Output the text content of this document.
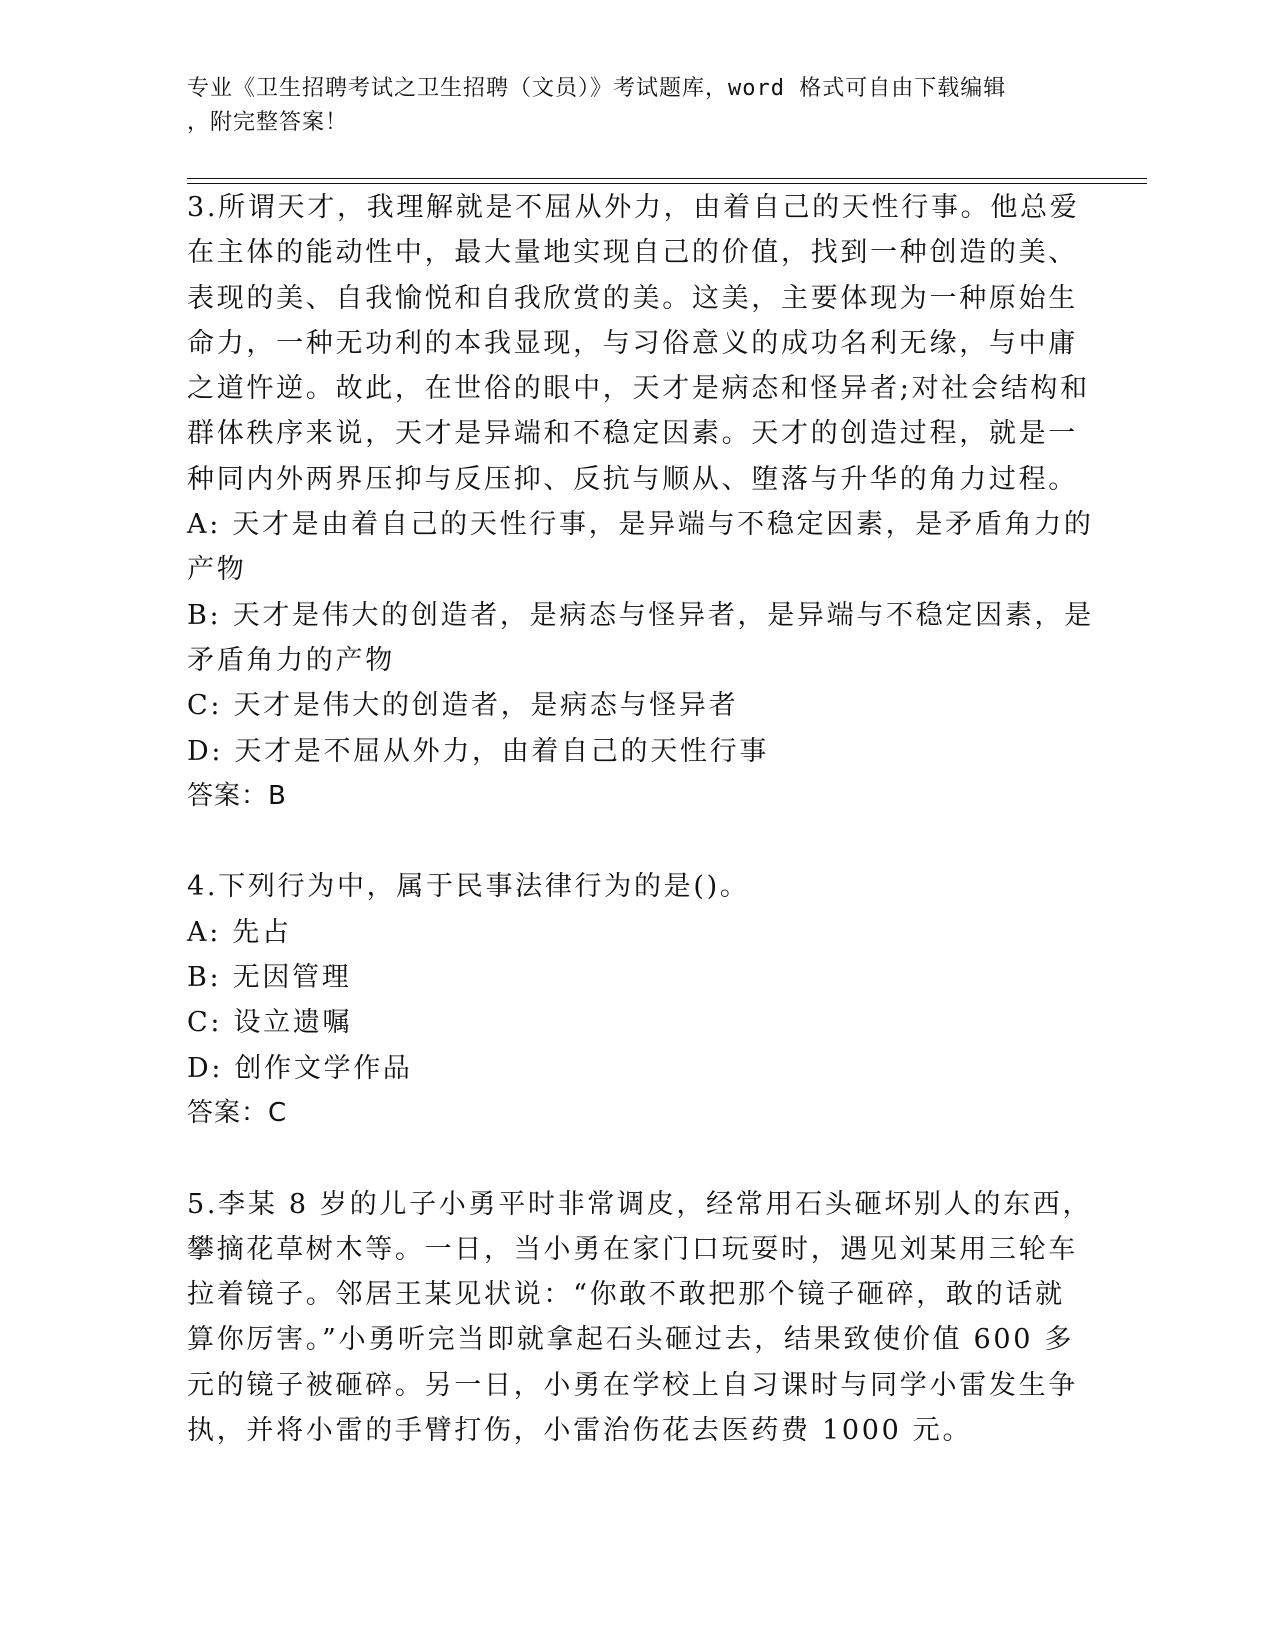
专业《卫生招聘考试之卫生招聘（文员）》考试题库，word 格式可自由下载编辑
，附完整答案！
3.所谓天才，我理解就是不屈从外力，由着自己的天性行事。他总爱
在主体的能动性中，最大量地实现自己的价值，找到一种创造的美、
表现的美、自我愉悦和自我欣赏的美。这美，主要体现为一种原始生
命力，一种无功利的本我显现，与习俗意义的成功名利无缘，与中庸
之道忤逆。故此，在世俗的眼中，天才是病态和怪异者;对社会结构和
群体秩序来说，天才是异端和不稳定因素。天才的创造过程，就是一
种同内外两界压抑与反压抑、反抗与顺从、堕落与升华的角力过程。
A: 天才是由着自己的天性行事，是异端与不稳定因素，是矛盾角力的
产物
B: 天才是伟大的创造者，是病态与怪异者，是异端与不稳定因素，是
矛盾角力的产物
C: 天才是伟大的创造者，是病态与怪异者
D: 天才是不屈从外力，由着自己的天性行事
答案：B
4.下列行为中，属于民事法律行为的是()。
A: 先占
B: 无因管理
C: 设立遗嘱
D: 创作文学作品
答案：C
5.李某 8 岁的儿子小勇平时非常调皮，经常用石头砸坏别人的东西，
攀摘花草树木等。一日，当小勇在家门口玩耍时，遇见刘某用三轮车
拉着镜子。邻居王某见状说：“你敢不敢把那个镜子砸碎，敢的话就
算你厉害。”小勇听完当即就拿起石头砸过去，结果致使价值 600 多
元的镜子被砸碎。另一日，小勇在学校上自习课时与同学小雷发生争
执，并将小雷的手臂打伤，小雷治伤花去医药费 1000 元。
